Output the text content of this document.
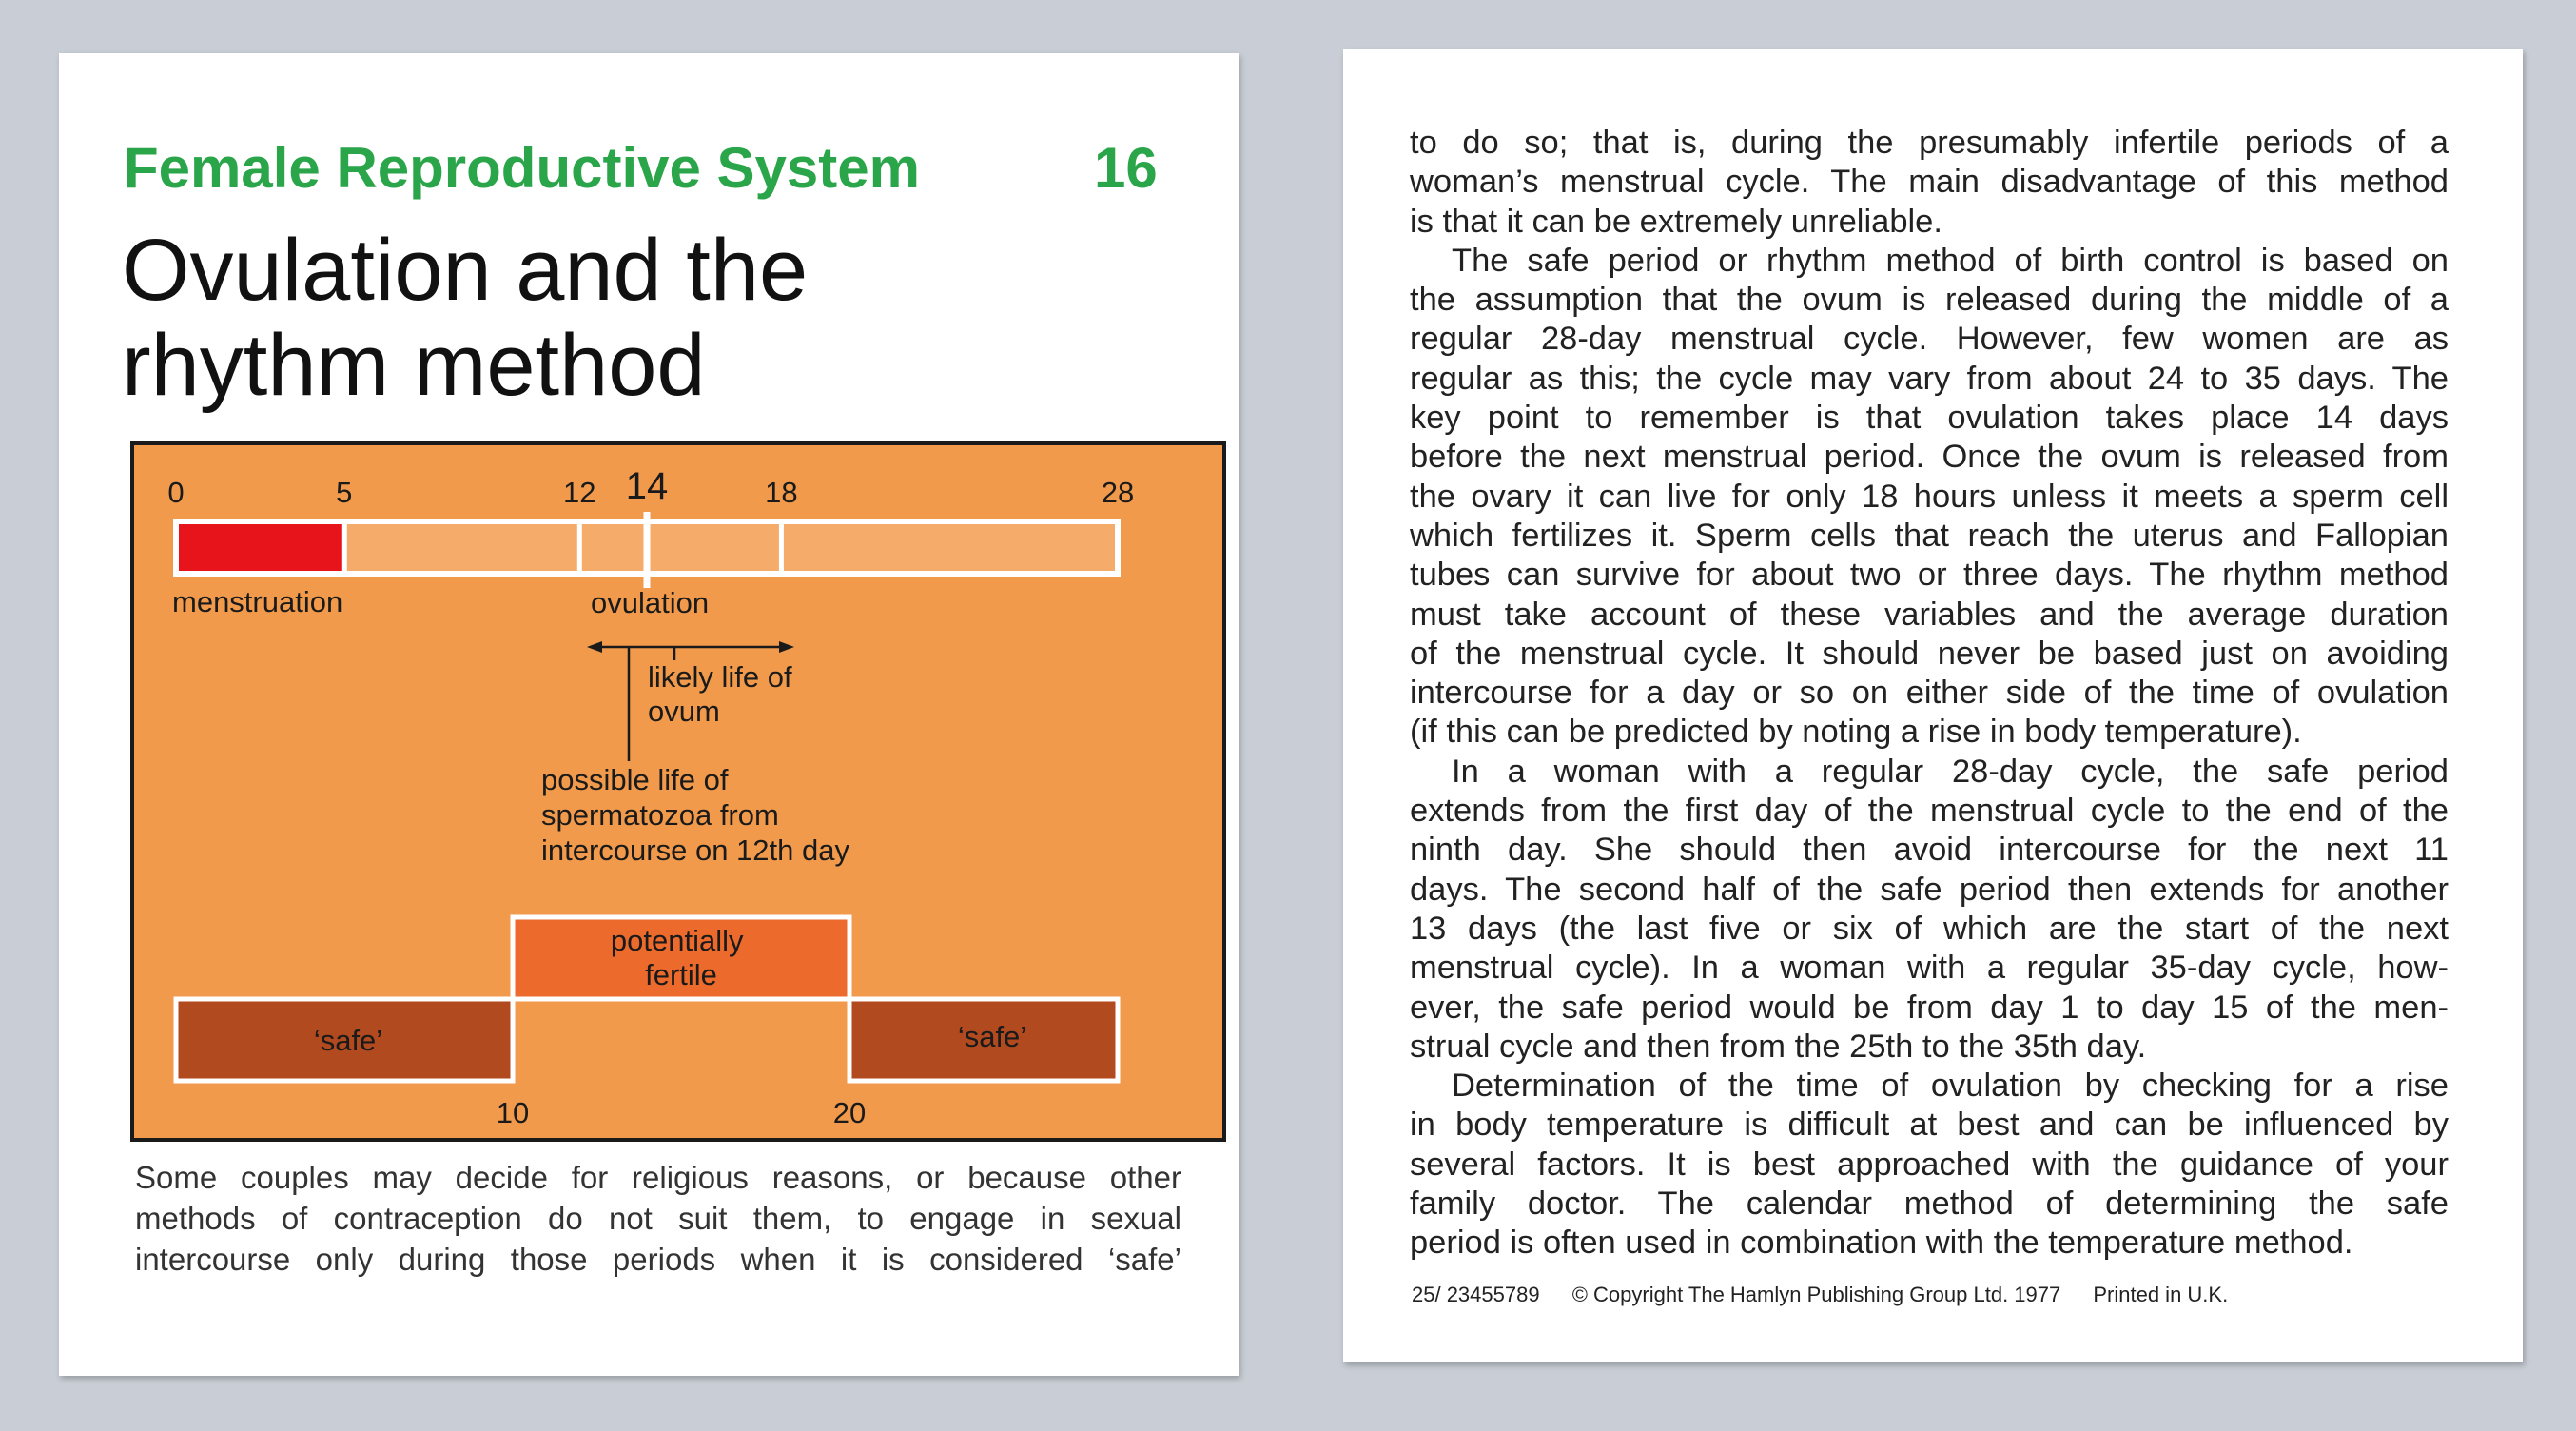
Female Reproductive System	16
Ovulation and the
rhythm method
0	5	12 14	18	28
menstruation	ovulation
likely life of ovum
possible life of spermatozoa from intercourse on 12th day
potentially fertile
‘safe’	‘safe’
10	20
Some couples may decide for religious reasons, or because other
methods of contraception do not suit them, to engage in sexual
intercourse only during those periods when it is considered ‘safe’
to do so; that is, during the presumably infertile periods of a
woman’s menstrual cycle. The main disadvantage of this method
is that it can be extremely unreliable.
The safe period or rhythm method of birth control is based on
the assumption that the ovum is released during the middle of a
regular 28-day menstrual cycle. However, few women are as
regular as this; the cycle may vary from about 24 to 35 days. The
key point to remember is that ovulation takes place 14 days
before the next menstrual period. Once the ovum is released from
the ovary it can live for only 18 hours unless it meets a sperm cell
which fertilizes it. Sperm cells that reach the uterus and Fallopian
tubes can survive for about two or three days. The rhythm method
must take account of these variables and the average duration
of the menstrual cycle. It should never be based just on avoiding
intercourse for a day or so on either side of the time of ovulation
(if this can be predicted by noting a rise in body temperature).
In a woman with a regular 28-day cycle, the safe period
extends from the first day of the menstrual cycle to the end of the
ninth day. She should then avoid intercourse for the next 11
days. The second half of the safe period then extends for another
13 days (the last five or six of which are the start of the next
menstrual cycle). In a woman with a regular 35-day cycle, how-
ever, the safe period would be from day 1 to day 15 of the men-
strual cycle and then from the 25th to the 35th day.
Determination of the time of ovulation by checking for a rise
in body temperature is difficult at best and can be influenced by
several factors. It is best approached with the guidance of your
family doctor. The calendar method of determining the safe
period is often used in combination with the temperature method.
25/ 23455789 © Copyright The Hamlyn Publishing Group Ltd. 1977 Printed in U.K.
